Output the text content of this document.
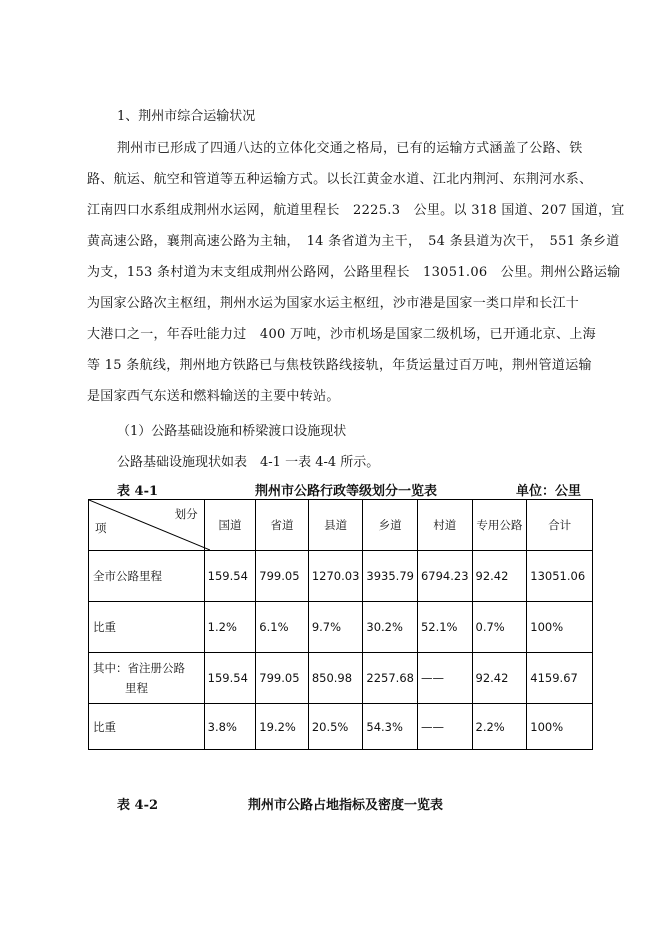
1、荆州市综合运输状况
荆州市已形成了四通八达的立体化交通之格局，已有的运输方式涵盖了公路、铁
路、航运、航空和管道等五种运输方式。以长江黄金水道、江北内荆河、东荆河水系、
江南四口水系组成荆州水运网，航道里程长　2225.3　公里。以 318 国道、207 国道，宜
黄高速公路，襄荆高速公路为主轴，　14 条省道为主干，　54 条县道为次干，　551 条乡道
为支，153 条村道为末支组成荆州公路网，公路里程长　13051.06　公里。荆州公路运输
为国家公路次主枢纽，荆州水运为国家水运主枢纽，沙市港是国家一类口岸和长江十
大港口之一，年吞吐能力过　400 万吨，沙市机场是国家二级机场，已开通北京、上海
等 15 条航线，荆州地方铁路已与焦枝铁路线接轨，年货运量过百万吨，荆州管道运输
是国家西气东送和燃料输送的主要中转站。
（1）公路基础设施和桥梁渡口设施现状
公路基础设施现状如表　4-1 一表 4-4 所示。
表 4-1	荆州市公路行政等级划分一览表	单位：公里
项
划分	国道	省道	县道	乡道	村道	专用公路	合计
全市公路里程	159.54	799.05	1270.03	3935.79	6794.23	92.42	13051.06
比重	1.2%	6.1%	9.7%	30.2%	52.1%	0.7%	100%

其中：省注册公路
里程	159.54	799.05	850.98	2257.68	——	92.42	4159.67
比重	3.8%	19.2%	20.5%	54.3%	——	2.2%	100%
表 4-2	荆州市公路占地指标及密度一览表
